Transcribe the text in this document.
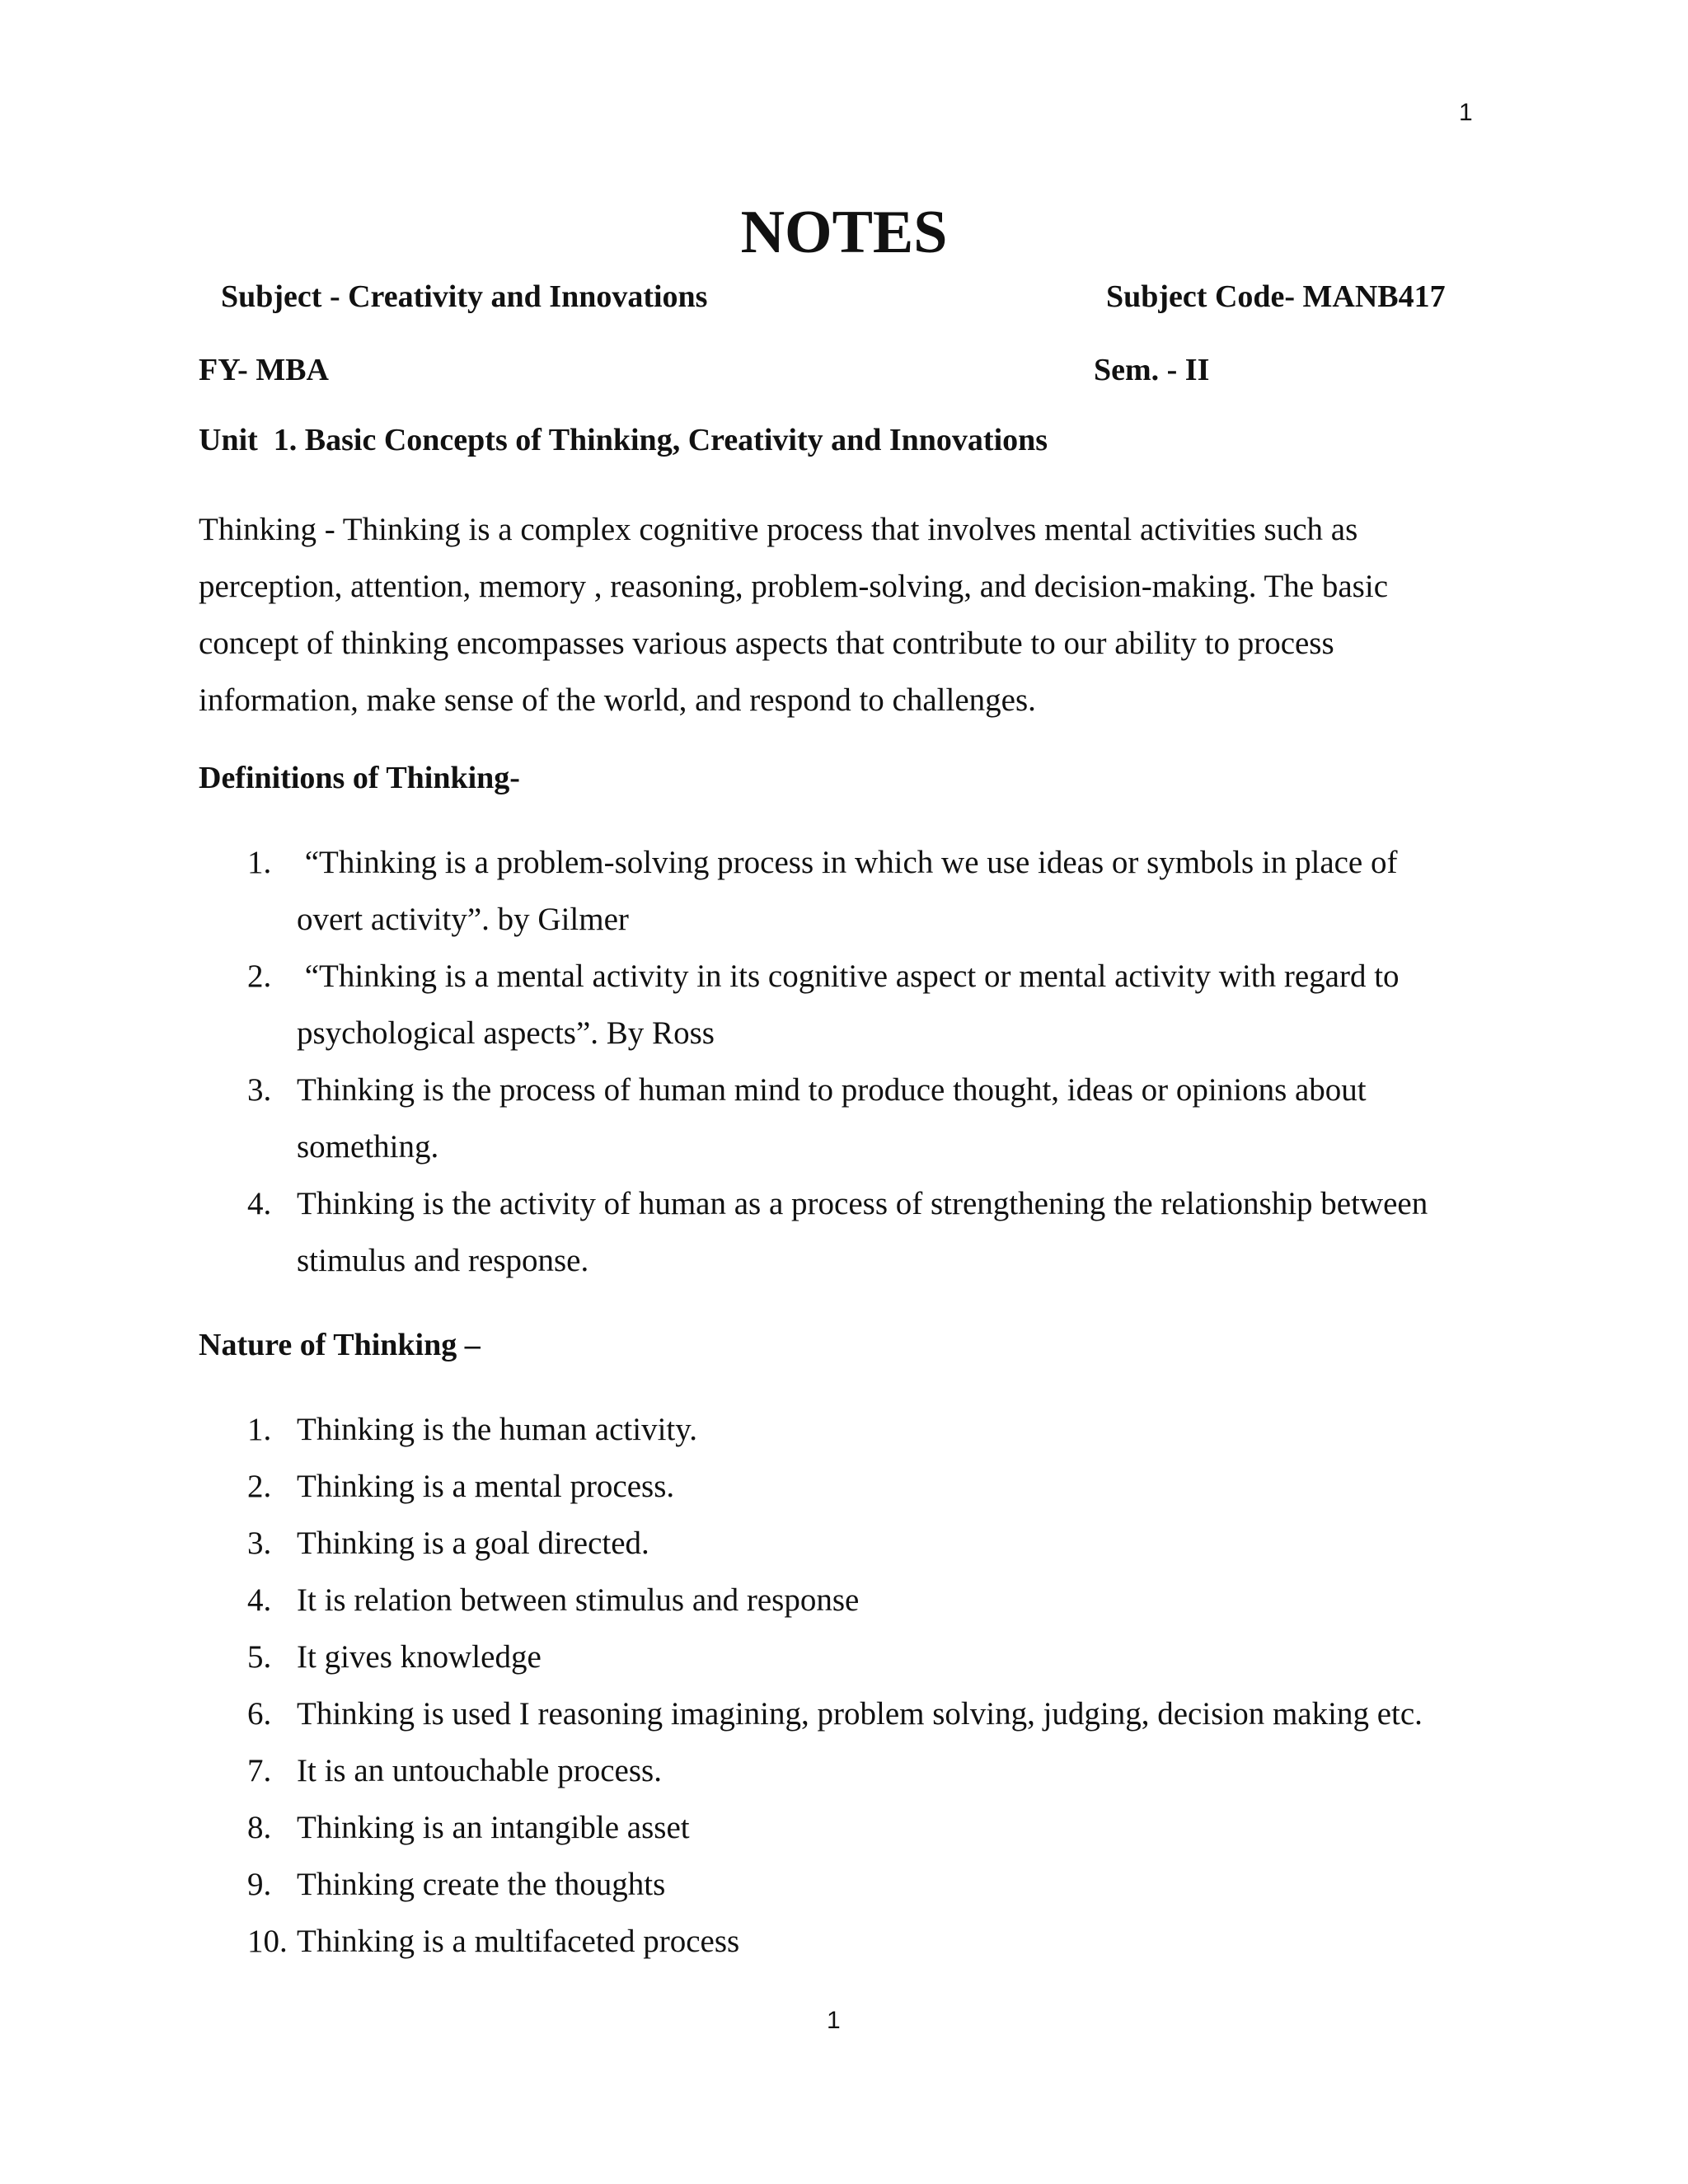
1
NOTES
Subject - Creativity and Innovations	Subject Code- MANB417
FY- MBA	Sem. - II
Unit  1. Basic Concepts of Thinking, Creativity and Innovations
Thinking - Thinking is a complex cognitive process that involves mental activities such as
perception, attention, memory , reasoning, problem-solving, and decision-making. The basic
concept of thinking encompasses various aspects that contribute to our ability to process
information, make sense of the world, and respond to challenges.
Definitions of Thinking-
1. “Thinking is a problem-solving process in which we use ideas or symbols in place of
overt activity”. by Gilmer
2. “Thinking is a mental activity in its cognitive aspect or mental activity with regard to
psychological aspects”. By Ross
3. Thinking is the process of human mind to produce thought, ideas or opinions about
something.
4. Thinking is the activity of human as a process of strengthening the relationship between
stimulus and response.
Nature of Thinking –
1. Thinking is the human activity.
2. Thinking is a mental process.
3. Thinking is a goal directed.
4. It is relation between stimulus and response
5. It gives knowledge
6. Thinking is used I reasoning imagining, problem solving, judging, decision making etc.
7. It is an untouchable process.
8. Thinking is an intangible asset
9. Thinking create the thoughts
10. Thinking is a multifaceted process
1
